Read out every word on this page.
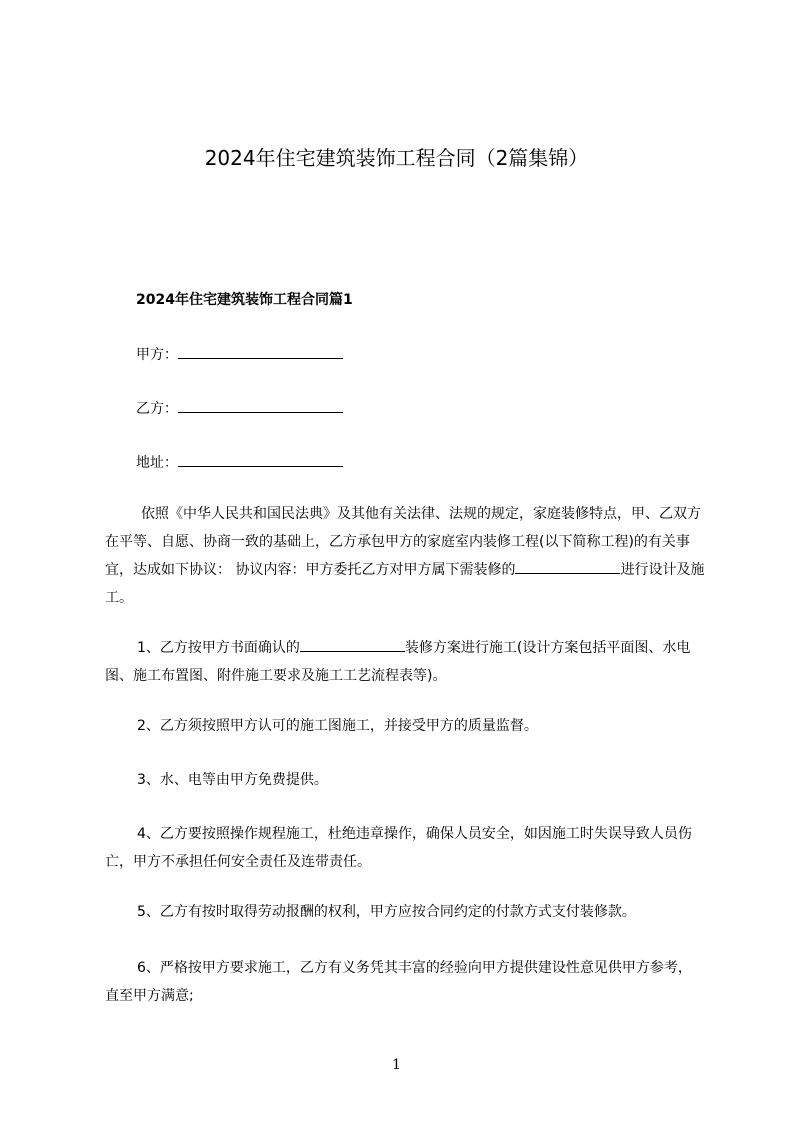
2024年住宅建筑装饰工程合同（2篇集锦）
2024年住宅建筑装饰工程合同篇1
甲方：
乙方：
地址：

依照《中华人民共和国民法典》及其他有关法律、法规的规定，家庭装修特点，甲、乙双方在平等、自愿、协商一致的基础上，乙方承包甲方的家庭室内装修工程(以下简称工程)的有关事宜，达成如下协议： 协议内容：甲方委托乙方对甲方属下需装修的	进行设计及施工。

1、乙方按甲方书面确认的	装修方案进行施工(设计方案包括平面图、水电图、施工布置图、附件施工要求及施工工艺流程表等)。

2、乙方须按照甲方认可的施工图施工，并接受甲方的质量监督。

3、水、电等由甲方免费提供。

4、乙方要按照操作规程施工，杜绝违章操作，确保人员安全，如因施工时失误导致人员伤亡，甲方不承担任何安全责任及连带责任。

5、乙方有按时取得劳动报酬的权利，甲方应按合同约定的付款方式支付装修款。

6、严格按甲方要求施工，乙方有义务凭其丰富的经验向甲方提供建设性意见供甲方参考，直至甲方满意;

1
